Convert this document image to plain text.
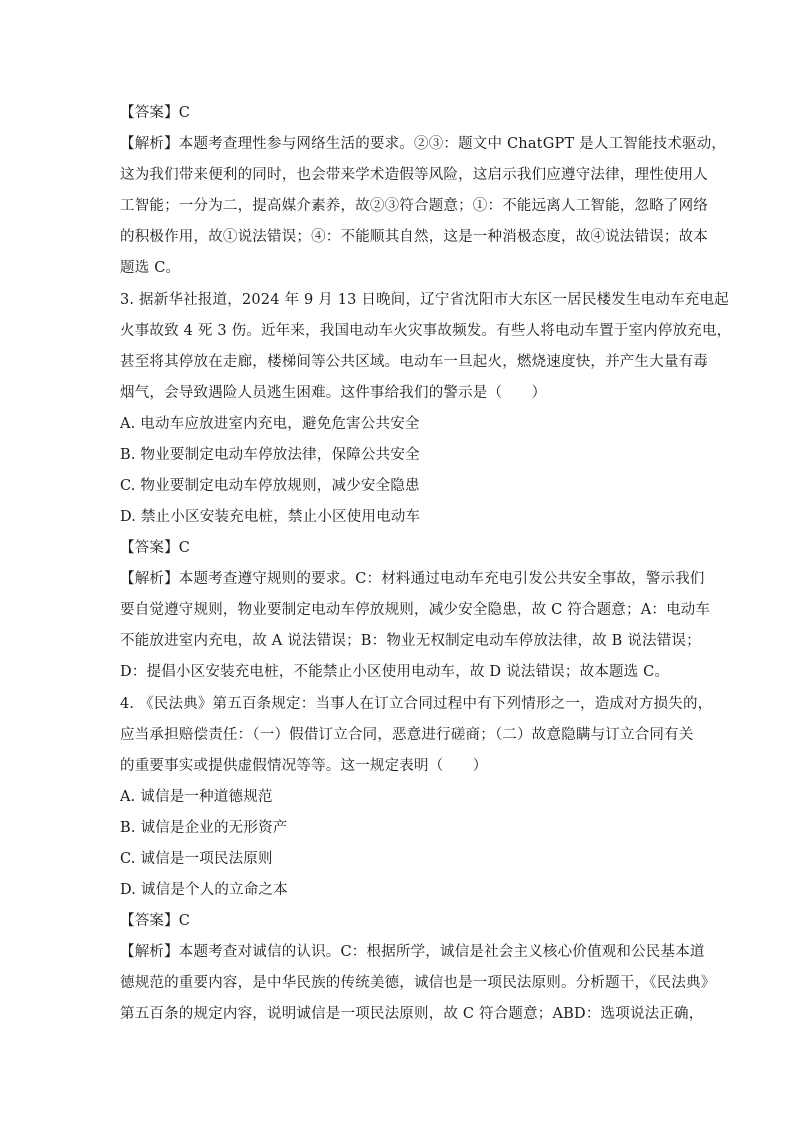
【答案】C
【解析】本题考查理性参与网络生活的要求。②③：题文中 ChatGPT 是人工智能技术驱动，
这为我们带来便利的同时，也会带来学术造假等风险，这启示我们应遵守法律，理性使用人
工智能；一分为二，提高媒介素养，故②③符合题意；①：不能远离人工智能，忽略了网络
的积极作用，故①说法错误；④：不能顺其自然，这是一种消极态度，故④说法错误；故本
题选 C。
3. 据新华社报道，2024 年 9 月 13 日晚间，辽宁省沈阳市大东区一居民楼发生电动车充电起
火事故致 4 死 3 伤。近年来，我国电动车火灾事故频发。有些人将电动车置于室内停放充电，
甚至将其停放在走廊，楼梯间等公共区域。电动车一旦起火，燃烧速度快，并产生大量有毒
烟气，会导致遇险人员逃生困难。这件事给我们的警示是（　　）
A. 电动车应放进室内充电，避免危害公共安全
B. 物业要制定电动车停放法律，保障公共安全
C. 物业要制定电动车停放规则，减少安全隐患
D. 禁止小区安装充电桩，禁止小区使用电动车
【答案】C
【解析】本题考查遵守规则的要求。C：材料通过电动车充电引发公共安全事故，警示我们
要自觉遵守规则，物业要制定电动车停放规则，减少安全隐患，故 C 符合题意；A：电动车
不能放进室内充电，故 A 说法错误；B：物业无权制定电动车停放法律，故 B 说法错误；
D：提倡小区安装充电桩，不能禁止小区使用电动车，故 D 说法错误；故本题选 C。
4. 《民法典》第五百条规定：当事人在订立合同过程中有下列情形之一，造成对方损失的，
应当承担赔偿责任：（一）假借订立合同，恶意进行磋商；（二）故意隐瞒与订立合同有关
的重要事实或提供虚假情况等等。这一规定表明（　　）
A. 诚信是一种道德规范
B. 诚信是企业的无形资产
C. 诚信是一项民法原则
D. 诚信是个人的立命之本
【答案】C
【解析】本题考查对诚信的认识。C：根据所学，诚信是社会主义核心价值观和公民基本道
德规范的重要内容，是中华民族的传统美德，诚信也是一项民法原则。分析题干，《民法典》
第五百条的规定内容，说明诚信是一项民法原则，故 C 符合题意；ABD：选项说法正确，
